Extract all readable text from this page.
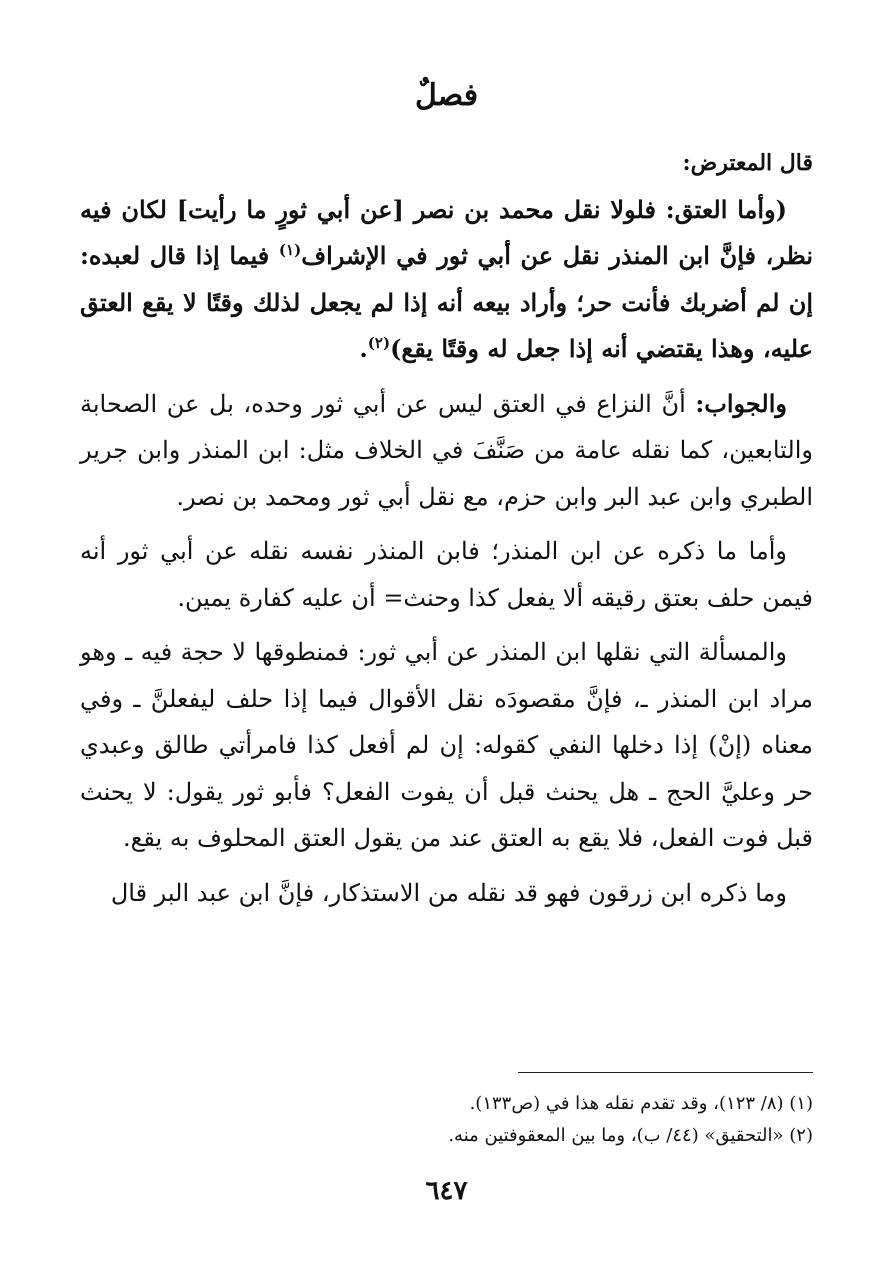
فصلٌ

قال المعترض:

(وأما العتق: فلولا نقل محمد بن نصر [عن أبي ثورٍ ما رأيت] لكان فيه نظر، فإنَّ ابن المنذر نقل عن أبي ثور في الإشراف$^{(١)}$ فيما إذا قال لعبده: إن لم أضربك فأنت حر؛ وأراد بيعه أنه إذا لم يجعل لذلك وقتًا لا يقع العتق عليه، وهذا يقتضي أنه إذا جعل له وقتًا يقع)$^{(٢)}$.

والجواب: أنَّ النزاع في العتق ليس عن أبي ثور وحده، بل عن الصحابة والتابعين، كما نقله عامة من صَنَّفَ في الخلاف مثل: ابن المنذر وابن جرير الطبري وابن عبد البر وابن حزم، مع نقل أبي ثور ومحمد بن نصر.

وأما ما ذكره عن ابن المنذر؛ فابن المنذر نفسه نقله عن أبي ثور أنه فيمن حلف بعتق رقيقه ألا يفعل كذا وحنث= أن عليه كفارة يمين.

والمسألة التي نقلها ابن المنذر عن أبي ثور: فمنطوقها لا حجة فيه ـ وهو مراد ابن المنذر ـ، فإنَّ مقصودَه نقل الأقوال فيما إذا حلف ليفعلنَّ ـ وفي معناه (إنْ) إذا دخلها النفي كقوله: إن لم أفعل كذا فامرأتي طالق وعبدي حر وعليَّ الحج ـ هل يحنث قبل أن يفوت الفعل؟ فأبو ثور يقول: لا يحنث قبل فوت الفعل، فلا يقع به العتق عند من يقول العتق المحلوف به يقع.

وما ذكره ابن زرقون فهو قد نقله من الاستذكار، فإنَّ ابن عبد البر قال

(١) (٨/ ١٢٣)، وقد تقدم نقله هذا في (ص١٣٣).

(٢) «التحقيق» (٤٤/ ب)، وما بين المعقوفتين منه.

٦٤٧
